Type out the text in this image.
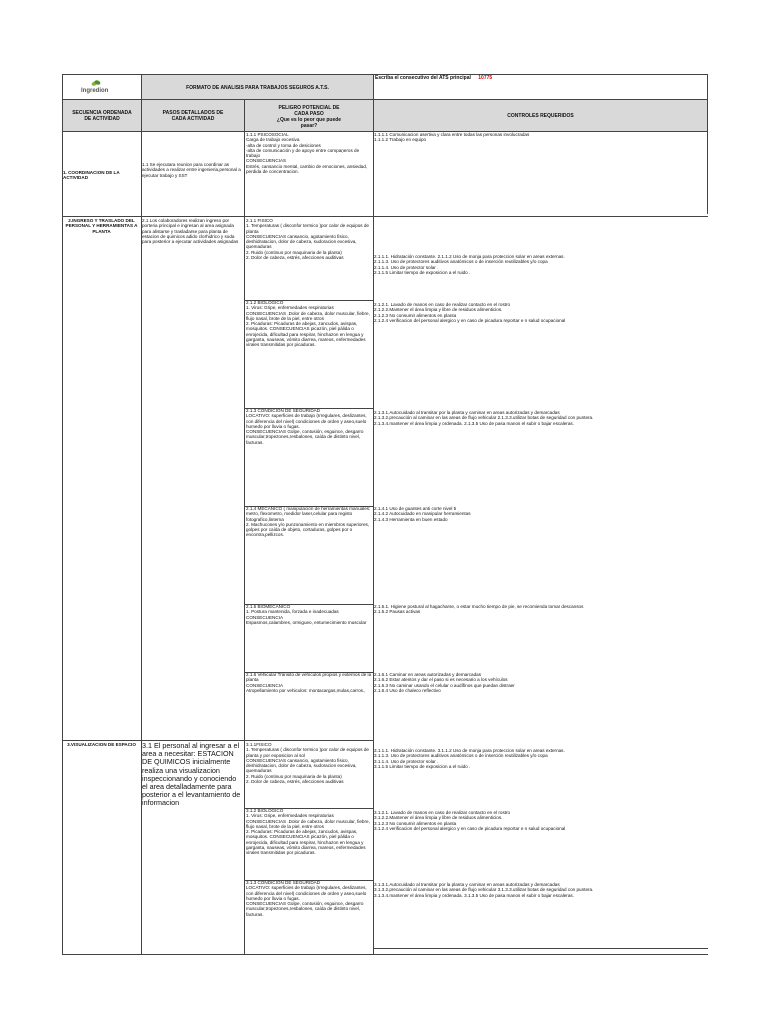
Ingredion	FORMATO DE ANALISIS PARA TRABAJOS SEGUROS A.T.S.
Escriba el consecutivo del ATS principal 10775
SECUENCIA ORDENADA DE ACTIVIDAD
PASOS DETALLADOS DE CADA ACTIVIDAD
PELIGRO POTENCIAL DE CADA PASO
¿Que es lo peor que puede pasar?
CONTROLES REQUERIDOS
1. COORDINACION DE LA ACTIVIDAD
1.1 Se ejecutara reunion para coordinar as actividades a realizar entre ingenieria,personal a ejecutar trabajo y SST
1.1.1 PSICOSOCIAL
Carga de trabajo excesiva
-alta de control y toma de desiciones
-alta de comunicación y de apoyo entre compaņeros de trabajo
CONSECUENCIAS
Estrés, cansancio mental, cambio de emociones, ansiedad, perdida de concentracion.
1.1.1.1 Comunicacion asertiva y clara entre todas las personas involucradas
1.1.1.2 Trabajo en equipo
2.INGRESO Y TRASLADO DEL PERSONAL Y HERRAMIENTAS A PLANTA
2.1 Los colaboradores realizan ingreso por porteria principal e ingresan al area asignada para alistarse y trasladarse para planta de estacion de quimicos adido clorhidrico y soda para posterior a ejecutar actividades asignadas
2.1.1 FISICO
1. Temperaturas ( disconfor termico )por calor de equipos de planta
CONSECUENCIAS cansancio, agotamiento fisico, deshidratacion, dolor de cabeza, sudoracion excesiva, quemaduras
2. Ruido (continuo por maquinaria de la planta)
2. Dolor de cabeza, estrés, afecciones auditivas	2.1.1.1. Hidratación constante. 2.1.1.2 Uso de monja para proteccion solar en areas externas.
2.1.1.3. Uso de protectores auditivos anatómicos o de inserción reutilizables y/o copa
2.1.1.4. Uso de protector solar .
2.1.1.5 Limitar tiempo de exposicion a el ruido .
2.1.2 BIOLOGICO
1. Virus: Gripe, enfermedades respiratorias
CONSECUENCIAS .Dolor de cabeza, dolor muscular, fiebre, flujo nasal, brote de la piel, entre otros
2. Picaduras: Picaduras de abejas, zancudos, avispas, mosquitos. CONSECUENCIAS picazón, piel pálida o enrojecida, dificultad para respirar, hinchazon en lengua y garganta, nauseas, vómito diarrea, mareos, enfermedades virales transmitidas por picaduras.
2.1.2.1. Lavado de manos en caso de realizar contacto en el rostro
2.1.2.2.Mantener el área limpia y libre de residuos alimenticios.
2.1.2.3 No consumir alimentos en planta
2.1.2.4 verificacion del personal alergico y en caso de picadura reportar e n salud ocupacional
2.1.3 CONDICION DE SEGURIDAD
LOCATIVO: superficies de trabajo (Irregulares, deslizantes, con diferencia del nivel) condiciones de orden y aseo,suelo humedo por lluvia o fugas.
CONSECUENCIAS Golpe, contusión, esguince, desgarro muscular,tropezones,resbalones, caída de distinto nivel, facturas.
2.1.3.1.Autocuidado al transitar por la planta y caminar en areas autorizadas y demarcadas
2.1.3.2.precaución al caminar en las areas de flujo vehicular 2.1.3.3.utilizar botas de seguridad con puntera.
2.1.3.4.mantener el área limpia y ordenada. 2.1.3.5 Uso de pasa manos el subir o bajar escaleras.
2.1.4 MECANICO ( manipulación de herramientas manuales: metro, flexometro, medidor laser,celular para registo fotografico,linterna
2. Machucones y/o punzonamiento en miembros superiores, golpes por caída de objeto, cortaduras, golpes por o encontra,pellizcos.
2.1.4.1 Uso de guantes anti corte nivel 5
2.1.4.2 Autocuidado en manipular herramientas
2.1.4.3 Herramienta en buen estado
2.1.5 BIOMECANICO
1. Postura mantenida, forzada e inadecuadas
CONSECUENCIA
Espasmos,calambres, ormigueo, entumecimiento muscular
2.1.5.1. Higiene postural al hagacharse, o estar mucho tiempo de pie, se recomienda tomar descansos
2.1.5.2 Pausas activas
2.1.6 Vehicular Tránsito de vehículos propios y externos de la planta
CONSECUENCIA
Atropellamiento por vehiculos: montacargas,mulas,carros.,
2.1.6.1 Caminar en areas autorizadas y demarcadas
2.1.6.2 Estar atentos y dar el paso si es necesario a los vehículos
2.1.6.3 No caminar usando el celular o audífinos que puedan distraer
2.1.6.4 Uso de chaleco reflectivo
3.VISUALIZACION DE ESPACIO 3.1 El personal al ingresar a el area a necesitar: ESTACION DE QUIMICOS inicialmente realiza una visualizacion inspeccionando y conociendo el area detalladamente para posterior a el levantamiento de informacion
3.1.1FISICO
1. Temperaturas ( disconfor termico )por calor de equipos de planta y por exposicion al sol
CONSECUENCIAS cansancio, agotamiento fisico, deshidratacion, dolor de cabeza, sudoracion excesiva, quemaduras
2. Ruido (continuo por maquinaria de la planta)
2. Dolor de cabeza, estrés, afecciones auditivas
3.1.1.1. Hidratación constante. 3.1.1.2 Uso de monja para proteccion solar en areas externas.
3.1.1.3. Uso de protectores auditivos anatómicos o de inserción reutilizables y/o copa
3.1.1.4. Uso de protector solar .
3.1.1.5 Limitar tiempo de exposicion a el ruido .
3.1.2 BIOLOGICO
1. Virus: Gripe, enfermedades respiratorias
CONSECUENCIAS .Dolor de cabeza, dolor muscular, fiebre, flujo nasal, brote de la piel, entre otros
2. Picaduras: Picaduras de abejas, zancudos, avispas, mosquitos. CONSECUENCIAS picazón, piel pálida o enrojecida, dificultad para respirar, hinchazon en lengua y garganta, nauseas, vómito diarrea, mareos, enfermedades virales transmitidas por picaduras.
3.1.2.1. Lavado de manos en caso de realizar contacto en el rostro
3.1.2.2.Mantener el área limpia y libre de residuos alimenticios.
3.1.2.3 No consumir alimentos en planta
3.1.2.4 verificacion del personal alergico y en caso de picadura reportar e n salud ocupacional
3.1.3 CONDICION DE SEGURIDAD
LOCATIVO: superficies de trabajo (Irregulares, deslizantes, con diferencia del nivel) condiciones de orden y aseo,suelo humedo por lluvia o fugas.
CONSECUENCIAS Golpe, contusión, esguince, desgarro muscular,tropezones,resbalones, caída de distinto nivel, facturas.
3.1.3.1.Autocuidado al transitar por la planta y caminar en areas autorizadas y demarcadas
3.1.3.2.precaución al caminar en las areas de flujo vehicular 3.1.3.3.utilizar botas de seguridad con puntera.
3.1.3.4.mantener el área limpia y ordenada. 3.1.3.5 Uso de pasa manos el subir o bajar escaleras.
